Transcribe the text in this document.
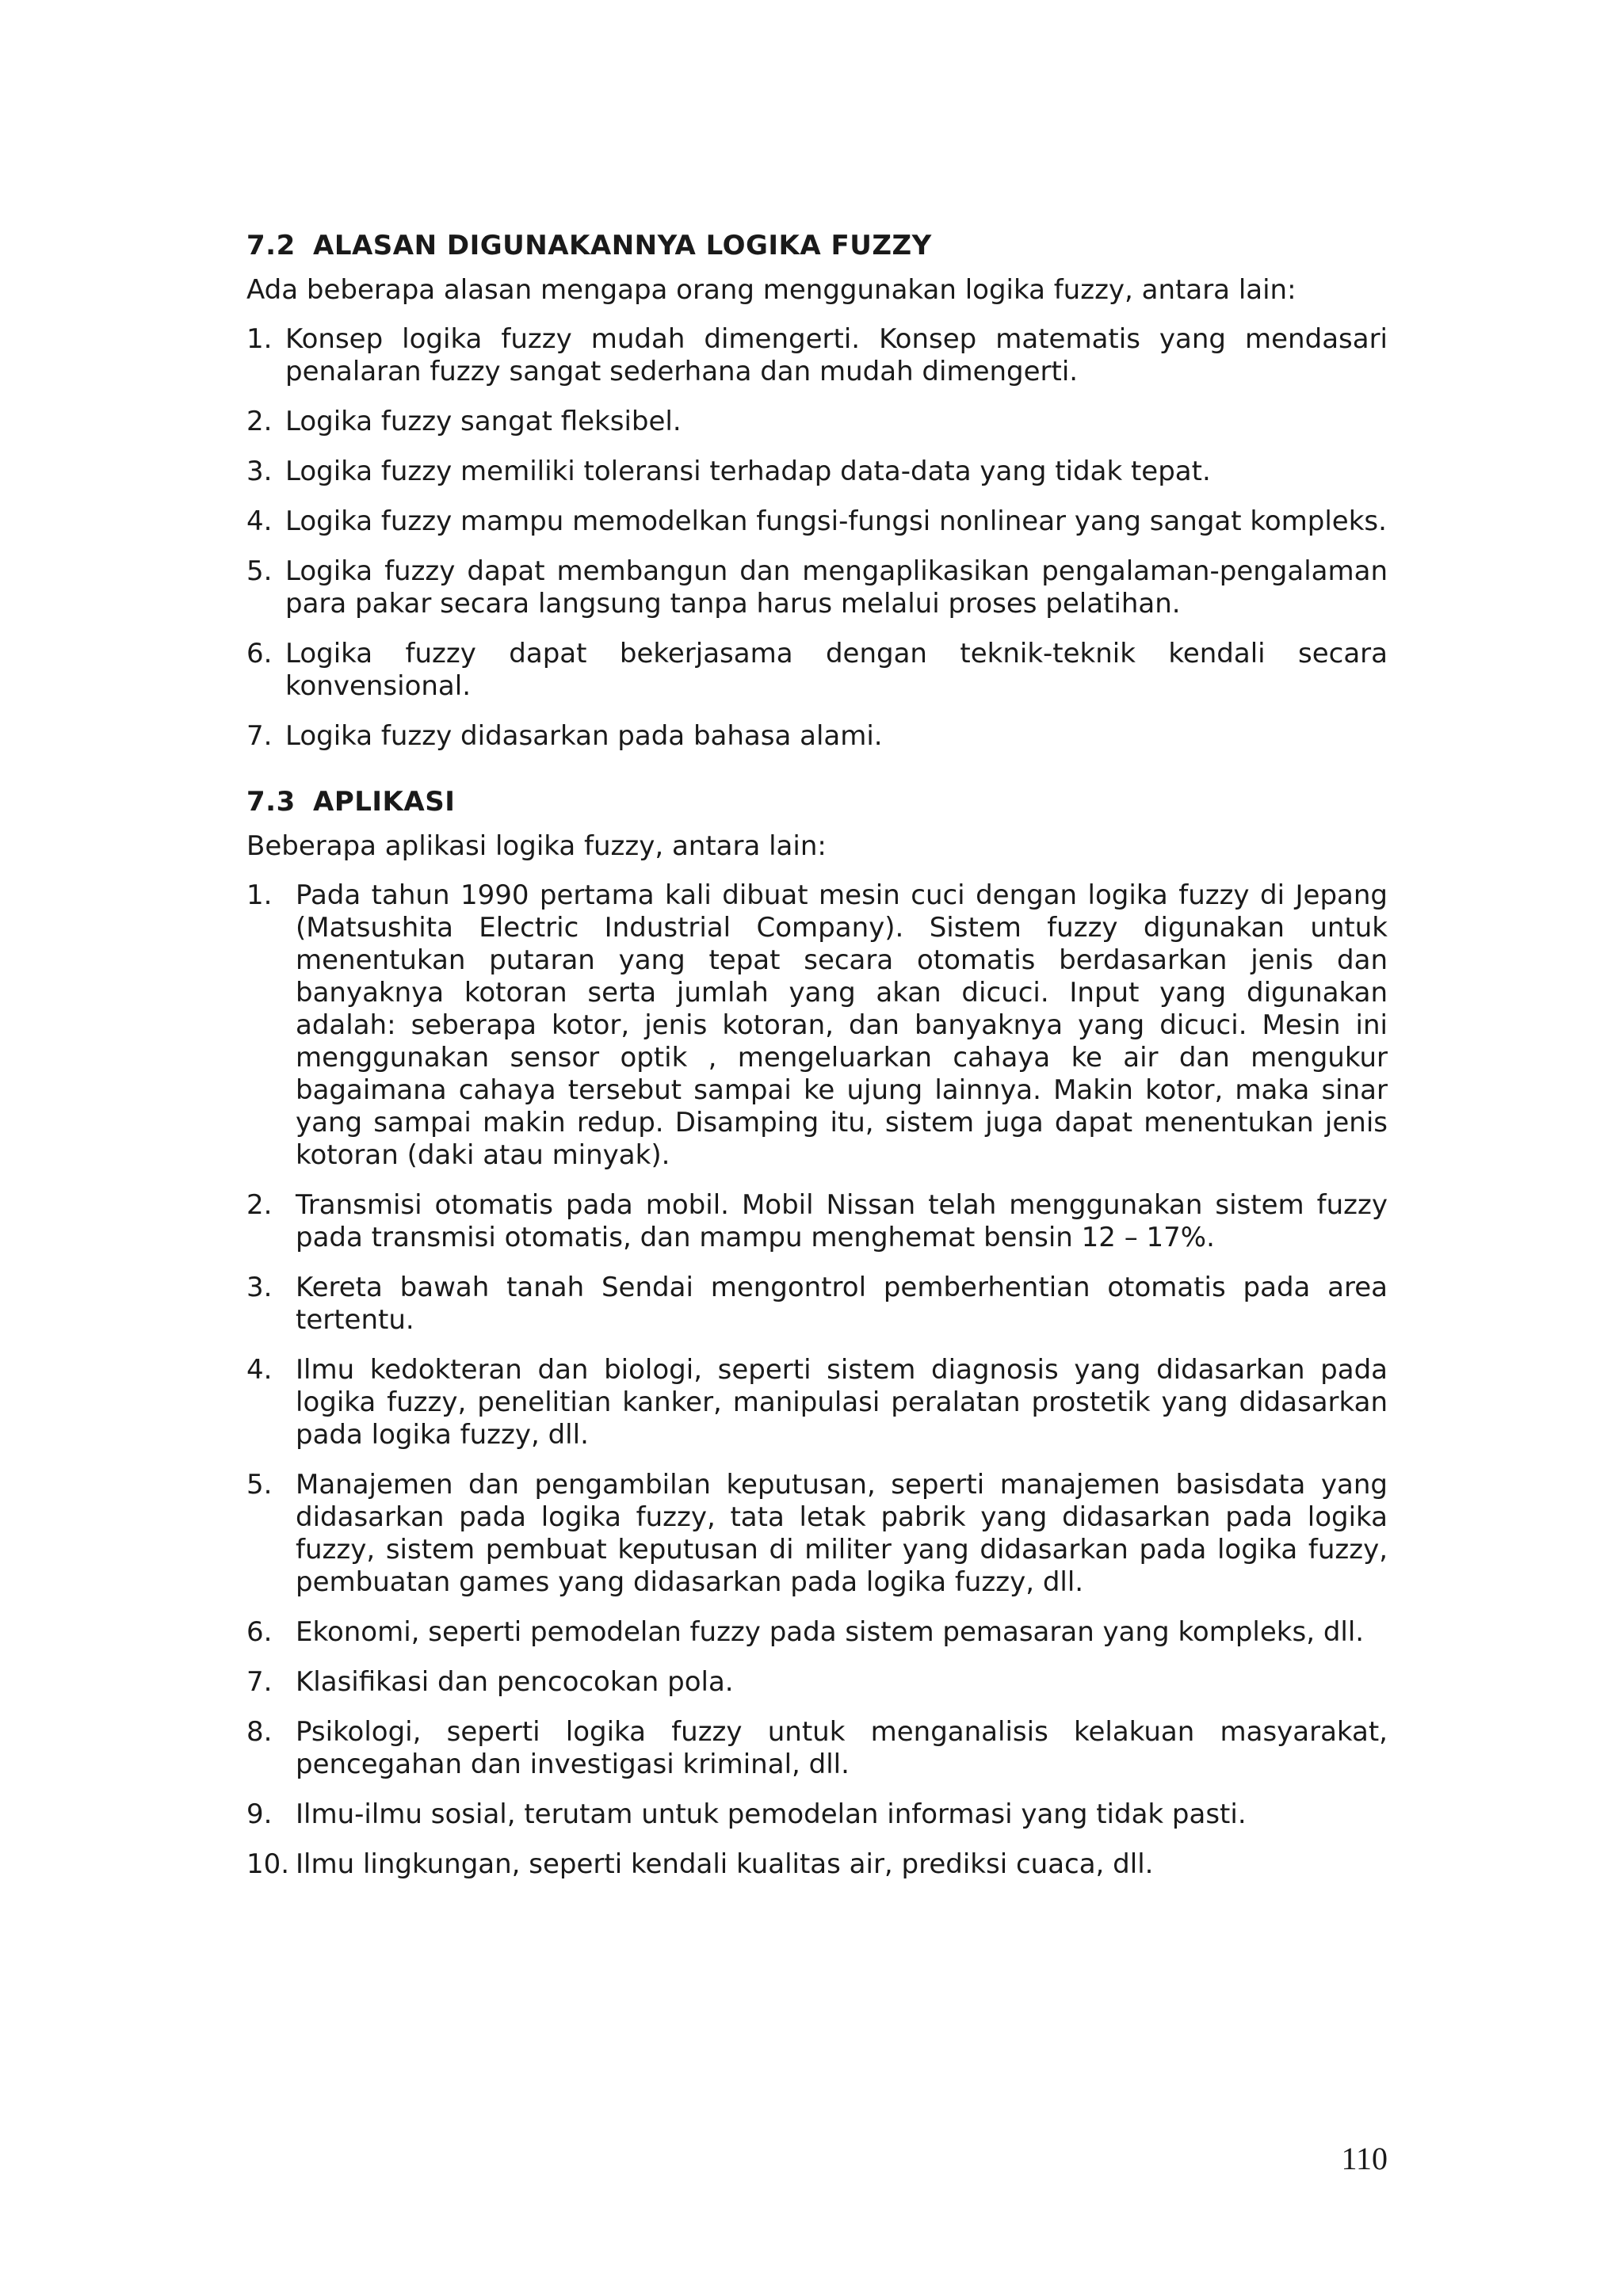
7.2 ALASAN DIGUNAKANNYA LOGIKA FUZZY

Ada beberapa alasan mengapa orang menggunakan logika fuzzy, antara lain:

1. Konsep logika fuzzy mudah dimengerti. Konsep matematis yang mendasari penalaran fuzzy sangat sederhana dan mudah dimengerti.
2. Logika fuzzy sangat fleksibel.
3. Logika fuzzy memiliki toleransi terhadap data-data yang tidak tepat.
4. Logika fuzzy mampu memodelkan fungsi-fungsi nonlinear yang sangat kompleks.
5. Logika fuzzy dapat membangun dan mengaplikasikan pengalaman-pengalaman para pakar secara langsung tanpa harus melalui proses pelatihan.
6. Logika fuzzy dapat bekerjasama dengan teknik-teknik kendali secara konvensional.
7. Logika fuzzy didasarkan pada bahasa alami.
7.3 APLIKASI

Beberapa aplikasi logika fuzzy, antara lain:

1. Pada tahun 1990 pertama kali dibuat mesin cuci dengan logika fuzzy di Jepang (Matsushita Electric Industrial Company). Sistem fuzzy digunakan untuk menentukan putaran yang tepat secara otomatis berdasarkan jenis dan banyaknya kotoran serta jumlah yang akan dicuci. Input yang digunakan adalah: seberapa kotor, jenis kotoran, dan banyaknya yang dicuci. Mesin ini menggunakan sensor optik , mengeluarkan cahaya ke air dan mengukur bagaimana cahaya tersebut sampai ke ujung lainnya. Makin kotor, maka sinar yang sampai makin redup. Disamping itu, sistem juga dapat menentukan jenis kotoran (daki atau minyak).
2. Transmisi otomatis pada mobil. Mobil Nissan telah menggunakan sistem fuzzy pada transmisi otomatis, dan mampu menghemat bensin 12 – 17%.
3. Kereta bawah tanah Sendai mengontrol pemberhentian otomatis pada area tertentu.
4. Ilmu kedokteran dan biologi, seperti sistem diagnosis yang didasarkan pada logika fuzzy, penelitian kanker, manipulasi peralatan prostetik yang didasarkan pada logika fuzzy, dll.
5. Manajemen dan pengambilan keputusan, seperti manajemen basisdata yang didasarkan pada logika fuzzy, tata letak pabrik yang didasarkan pada logika fuzzy, sistem pembuat keputusan di militer yang didasarkan pada logika fuzzy, pembuatan games yang didasarkan pada logika fuzzy, dll.
6. Ekonomi, seperti pemodelan fuzzy pada sistem pemasaran yang kompleks, dll.
7. Klasifikasi dan pencocokan pola.
8. Psikologi, seperti logika fuzzy untuk menganalisis kelakuan masyarakat, pencegahan dan investigasi kriminal, dll.
9. Ilmu-ilmu sosial, terutam untuk pemodelan informasi yang tidak pasti.
10. Ilmu lingkungan, seperti kendali kualitas air, prediksi cuaca, dll.
110
